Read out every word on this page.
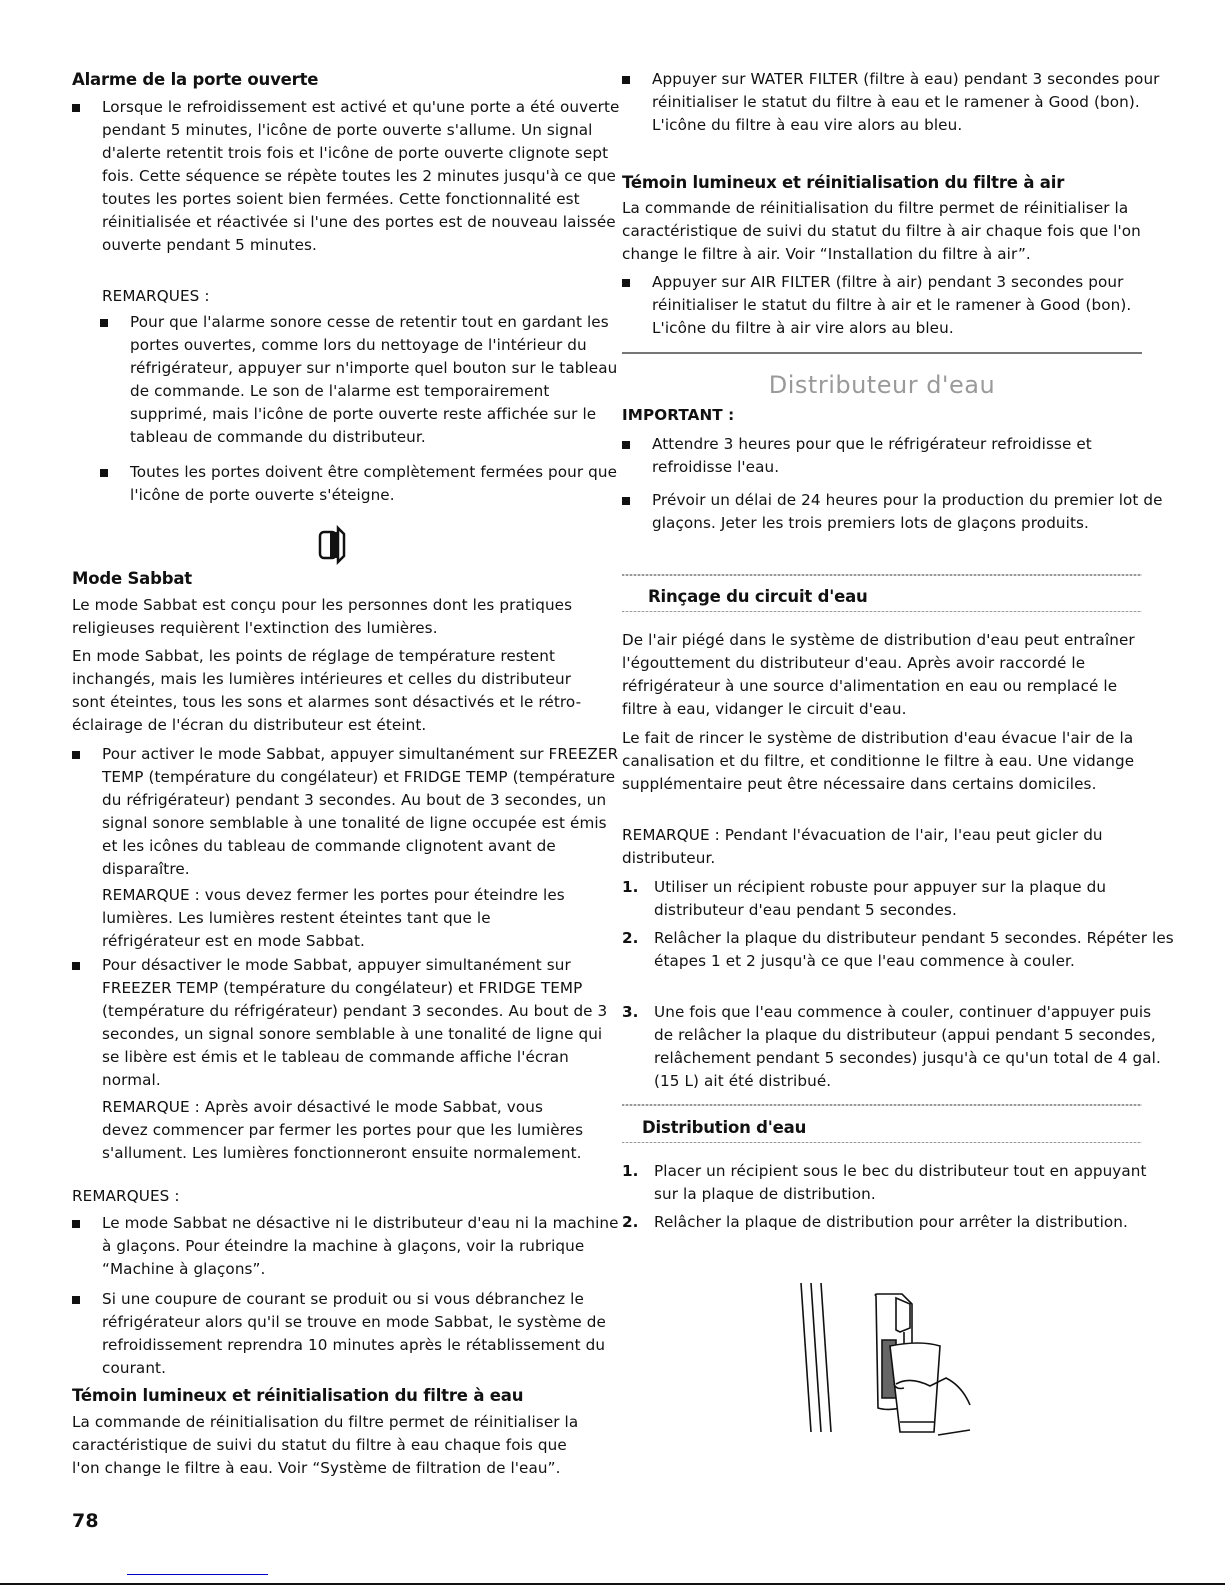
Alarme de la porte ouverte
Lorsque le refroidissement est activé et qu'une porte a été ouverte pendant 5 minutes, l'icône de porte ouverte s'allume. Un signal d'alerte retentit trois fois et l'icône de porte ouverte clignote sept fois. Cette séquence se répète toutes les 2 minutes jusqu'à ce que toutes les portes soient bien fermées. Cette fonctionnalité est réinitialisée et réactivée si l'une des portes est de nouveau laissée ouverte pendant 5 minutes.
REMARQUES :
Pour que l'alarme sonore cesse de retentir tout en gardant les portes ouvertes, comme lors du nettoyage de l'intérieur du réfrigérateur, appuyer sur n'importe quel bouton sur le tableau de commande. Le son de l'alarme est temporairement supprimé, mais l'icône de porte ouverte reste affichée sur le tableau de commande du distributeur.
Toutes les portes doivent être complètement fermées pour que l'icône de porte ouverte s'éteigne.
Mode Sabbat
Le mode Sabbat est conçu pour les personnes dont les pratiques religieuses requièrent l'extinction des lumières.
En mode Sabbat, les points de réglage de température restent inchangés, mais les lumières intérieures et celles du distributeur sont éteintes, tous les sons et alarmes sont désactivés et le rétro-éclairage de l'écran du distributeur est éteint.
Pour activer le mode Sabbat, appuyer simultanément sur FREEZER TEMP (température du congélateur) et FRIDGE TEMP (température du réfrigérateur) pendant 3 secondes. Au bout de 3 secondes, un signal sonore semblable à une tonalité de ligne occupée est émis et les icônes du tableau de commande clignotent avant de disparaître.
REMARQUE : vous devez fermer les portes pour éteindre les lumières. Les lumières restent éteintes tant que le réfrigérateur est en mode Sabbat.
Pour désactiver le mode Sabbat, appuyer simultanément sur FREEZER TEMP (température du congélateur) et FRIDGE TEMP (température du réfrigérateur) pendant 3 secondes. Au bout de 3 secondes, un signal sonore semblable à une tonalité de ligne qui se libère est émis et le tableau de commande affiche l'écran normal.
REMARQUE : Après avoir désactivé le mode Sabbat, vous devez commencer par fermer les portes pour que les lumières s'allument. Les lumières fonctionneront ensuite normalement.
REMARQUES :
Le mode Sabbat ne désactive ni le distributeur d'eau ni la machine à glaçons. Pour éteindre la machine à glaçons, voir la rubrique “Machine à glaçons”.
Si une coupure de courant se produit ou si vous débranchez le réfrigérateur alors qu'il se trouve en mode Sabbat, le système de refroidissement reprendra 10 minutes après le rétablissement du courant.
Témoin lumineux et réinitialisation du filtre à eau
La commande de réinitialisation du filtre permet de réinitialiser la caractéristique de suivi du statut du filtre à eau chaque fois que l'on change le filtre à eau. Voir “Système de filtration de l'eau”.
78
Appuyer sur WATER FILTER (filtre à eau) pendant 3 secondes pour réinitialiser le statut du filtre à eau et le ramener à Good (bon). L'icône du filtre à eau vire alors au bleu.
Témoin lumineux et réinitialisation du filtre à air
La commande de réinitialisation du filtre permet de réinitialiser la caractéristique de suivi du statut du filtre à air chaque fois que l'on change le filtre à air. Voir “Installation du filtre à air”.
Appuyer sur AIR FILTER (filtre à air) pendant 3 secondes pour réinitialiser le statut du filtre à air et le ramener à Good (bon). L'icône du filtre à air vire alors au bleu.
Distributeur d'eau
IMPORTANT :
Attendre 3 heures pour que le réfrigérateur refroidisse et refroidisse l'eau.
Prévoir un délai de 24 heures pour la production du premier lot de glaçons. Jeter les trois premiers lots de glaçons produits.
Rinçage du circuit d'eau
De l'air piégé dans le système de distribution d'eau peut entraîner l'égouttement du distributeur d'eau. Après avoir raccordé le réfrigérateur à une source d'alimentation en eau ou remplacé le filtre à eau, vidanger le circuit d'eau.
Le fait de rincer le système de distribution d'eau évacue l'air de la canalisation et du filtre, et conditionne le filtre à eau. Une vidange supplémentaire peut être nécessaire dans certains domiciles.
REMARQUE : Pendant l'évacuation de l'air, l'eau peut gicler du distributeur.
1. Utiliser un récipient robuste pour appuyer sur la plaque du distributeur d'eau pendant 5 secondes.
2. Relâcher la plaque du distributeur pendant 5 secondes. Répéter les étapes 1 et 2 jusqu'à ce que l'eau commence à couler.
3. Une fois que l'eau commence à couler, continuer d'appuyer puis de relâcher la plaque du distributeur (appui pendant 5 secondes, relâchement pendant 5 secondes) jusqu'à ce qu'un total de 4 gal. (15 L) ait été distribué.
Distribution d'eau
1. Placer un récipient sous le bec du distributeur tout en appuyant sur la plaque de distribution.
2. Relâcher la plaque de distribution pour arrêter la distribution.
